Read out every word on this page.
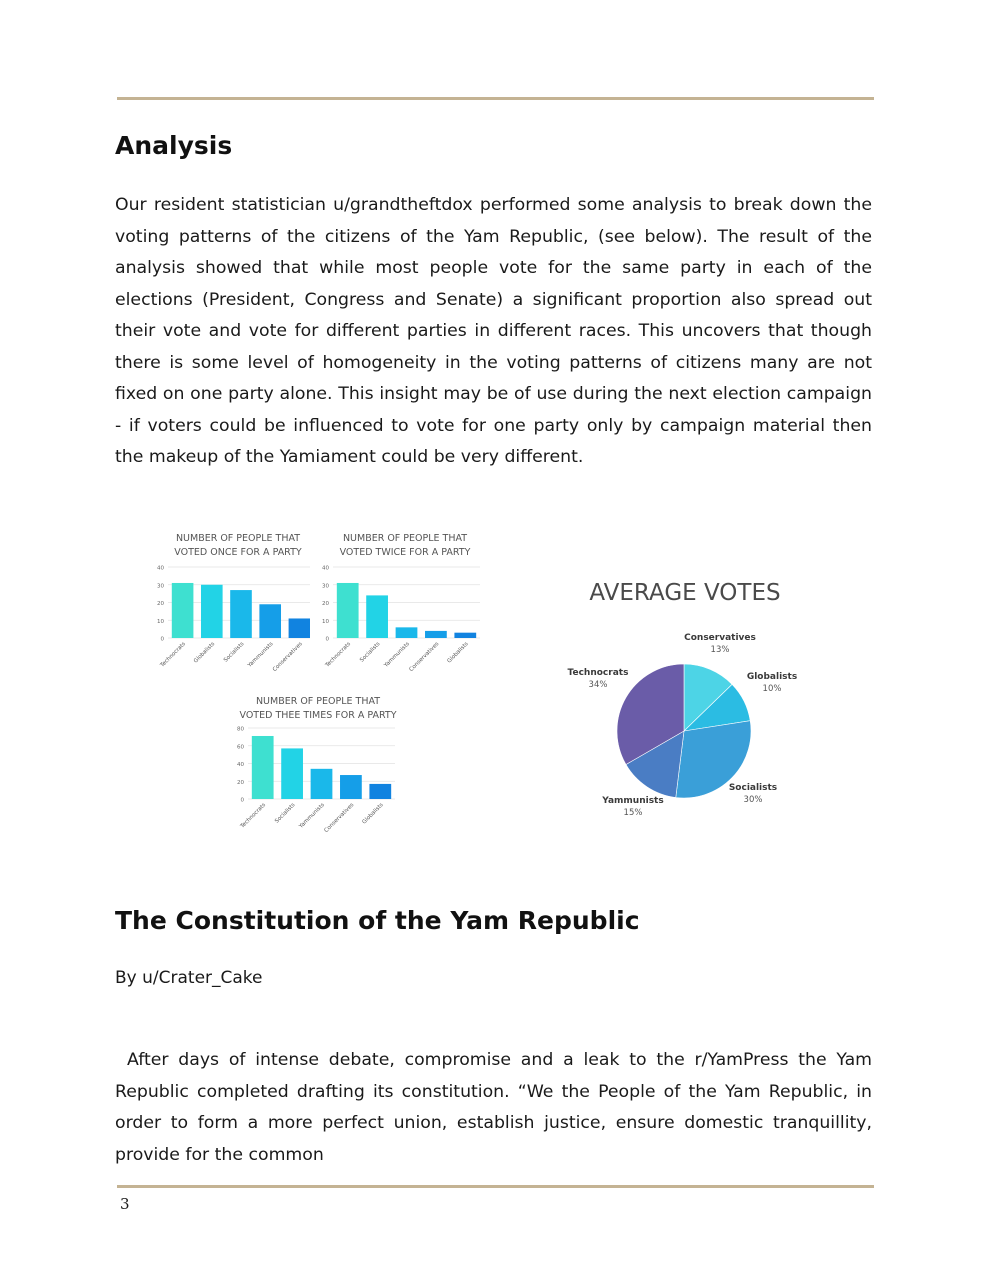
Analysis

Our resident statistician u/grandtheftdox performed some analysis to break down the voting patterns of the citizens of the Yam Republic, (see below). The result of the analysis showed that while most people vote for the same party in each of the elections (President, Congress and Senate) a significant proportion also spread out their vote and vote for different parties in different races. This uncovers that though there is some level of homogeneity in the voting patterns of citizens many are not fixed on one party alone. This insight may be of use during the next election campaign - if voters could be influenced to vote for one party only by campaign material then the makeup of the Yamiament could be very different.

NUMBER OF PEOPLE THAT
VOTED ONCE FOR A PARTY
0
10
20
30
40
Technocrats Globalists Socialists Yammunists
Conservatives
NUMBER OF PEOPLE THAT
VOTED TWICE FOR A PARTY
0
10
20
30
40
Technocrats Socialists Yammunists
Conservatives Globalists
NUMBER OF PEOPLE THAT
VOTED THEE TIMES FOR A PARTY
0
20
40
60
80
Technocrats Socialists Yammunists
Conservatives Globalists
AVERAGE VOTES
Conservatives
13%
Globalists
10%
Socialists
30%
Yammunists
15%
Technocrats
34%
The Constitution of the Yam Republic
By u/Crater_Cake

After days of intense debate, compromise and a leak to the r/YamPress the Yam Republic completed drafting its constitution. “We the People of the Yam Republic, in order to form a more perfect union, establish justice, ensure domestic tranquillity, provide for the common

3
